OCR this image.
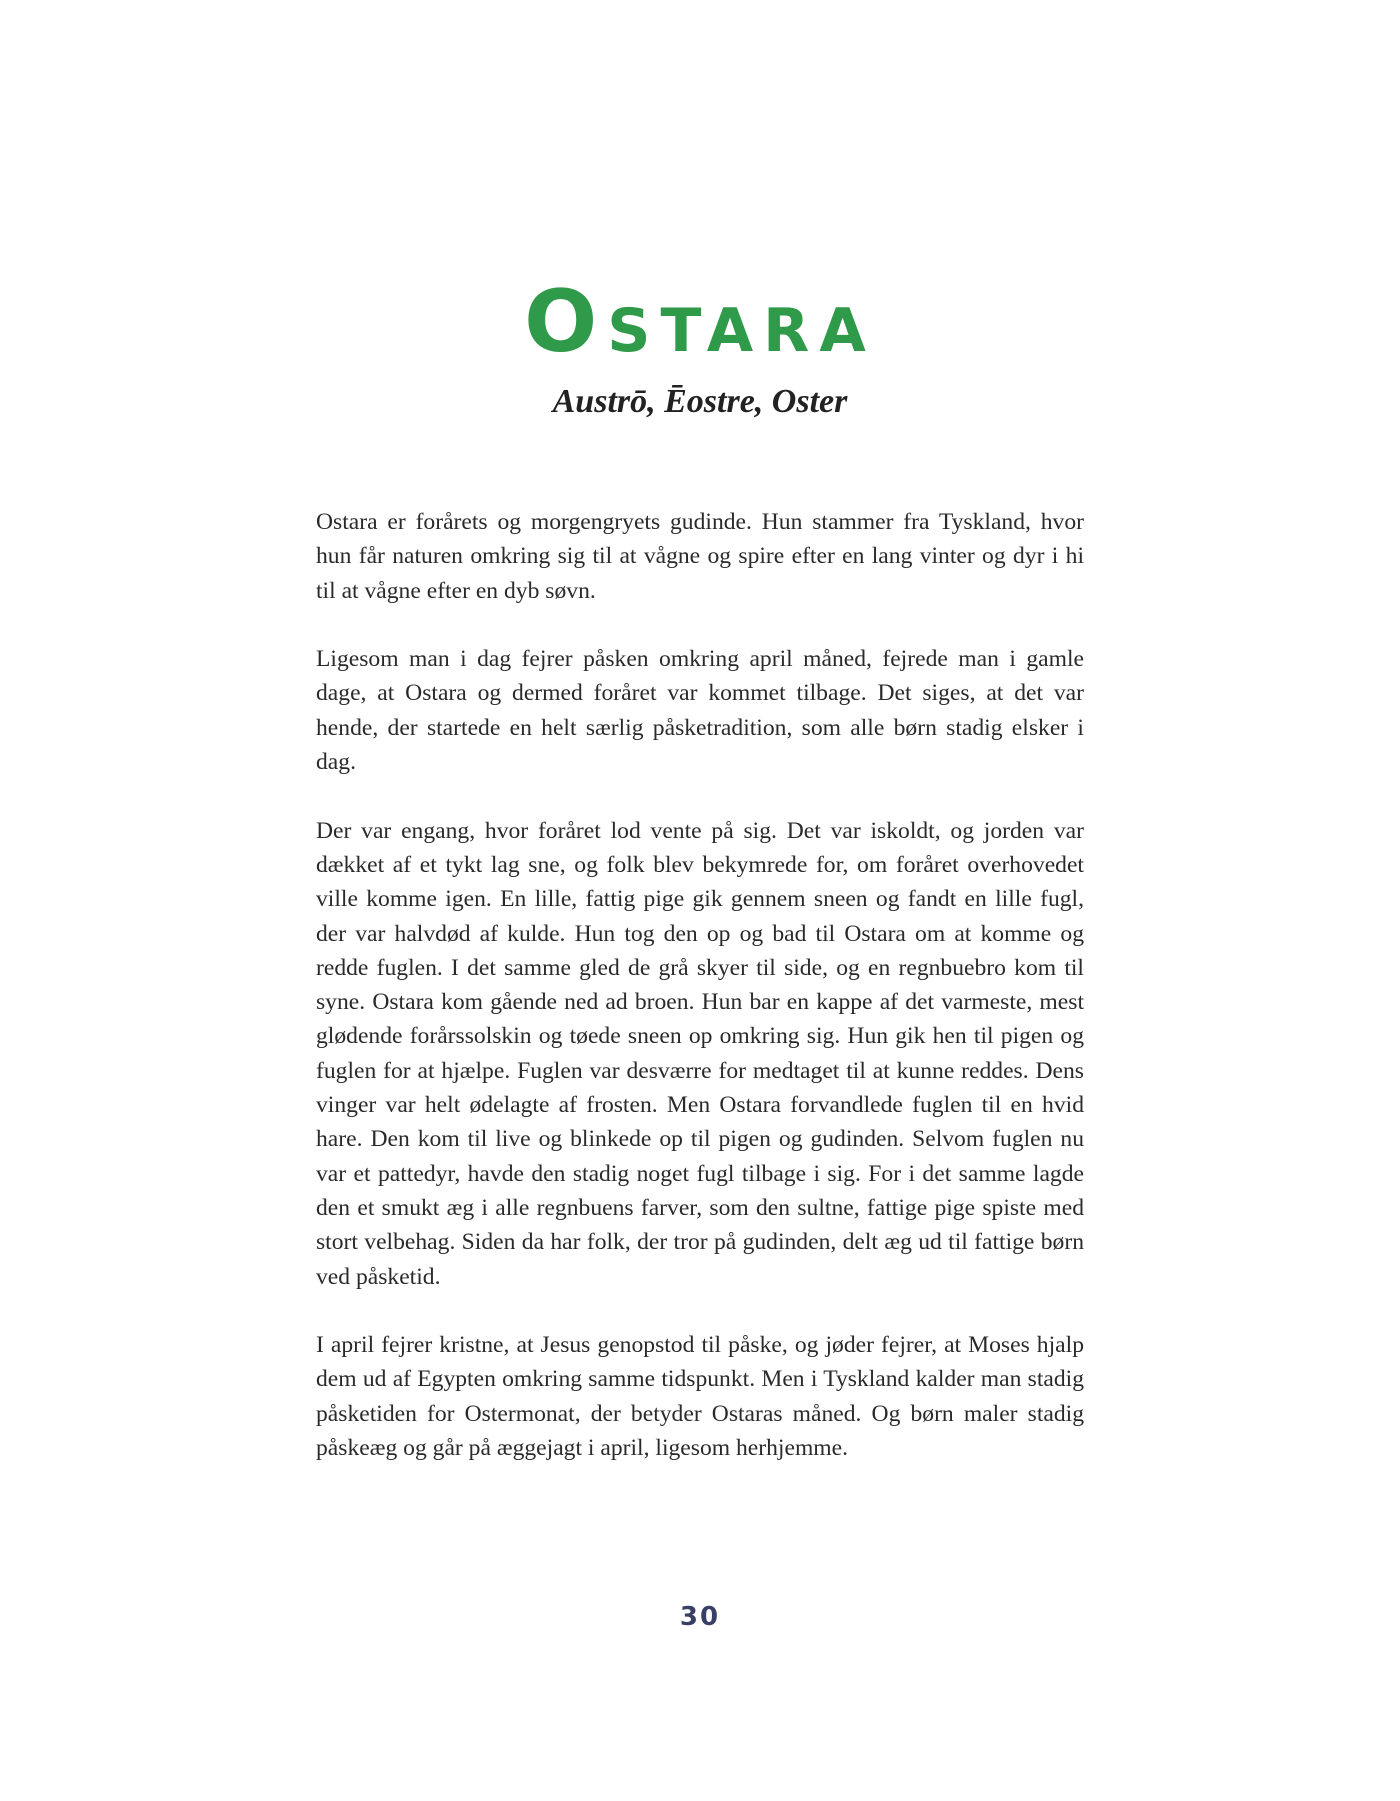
Ostara
Austrō, Ēostre, Oster

Ostara er forårets og morgengryets gudinde. Hun stammer fra Tyskland, hvor hun får naturen omkring sig til at vågne og spire efter en lang vinter og dyr i hi til at vågne efter en dyb søvn.

Ligesom man i dag fejrer påsken omkring april måned, fejrede man i gamle dage, at Ostara og dermed foråret var kommet tilbage. Det siges, at det var hende, der startede en helt særlig påsketradition, som alle børn stadig elsker i dag.

Der var engang, hvor foråret lod vente på sig. Det var iskoldt, og jorden var dækket af et tykt lag sne, og folk blev bekymrede for, om foråret overhovedet ville komme igen. En lille, fattig pige gik gennem sneen og fandt en lille fugl, der var halvdød af kulde. Hun tog den op og bad til Ostara om at komme og redde fuglen. I det samme gled de grå skyer til side, og en regnbuebro kom til syne. Ostara kom gående ned ad broen. Hun bar en kappe af det varmeste, mest glødende forårssolskin og tøede sneen op omkring sig. Hun gik hen til pigen og fuglen for at hjælpe. Fuglen var desværre for medtaget til at kunne reddes. Dens vinger var helt ødelagte af frosten. Men Ostara forvandlede fuglen til en hvid hare. Den kom til live og blinkede op til pigen og gudinden. Selvom fuglen nu var et pattedyr, havde den stadig noget fugl tilbage i sig. For i det samme lagde den et smukt æg i alle regnbuens farver, som den sultne, fattige pige spiste med stort velbehag. Siden da har folk, der tror på gudinden, delt æg ud til fattige børn ved påsketid.

I april fejrer kristne, at Jesus genopstod til påske, og jøder fejrer, at Moses hjalp dem ud af Egypten omkring samme tidspunkt. Men i Tyskland kalder man stadig påsketiden for Ostermonat, der betyder Ostaras måned. Og børn maler stadig påskeæg og går på æggejagt i april, ligesom herhjemme.

30
